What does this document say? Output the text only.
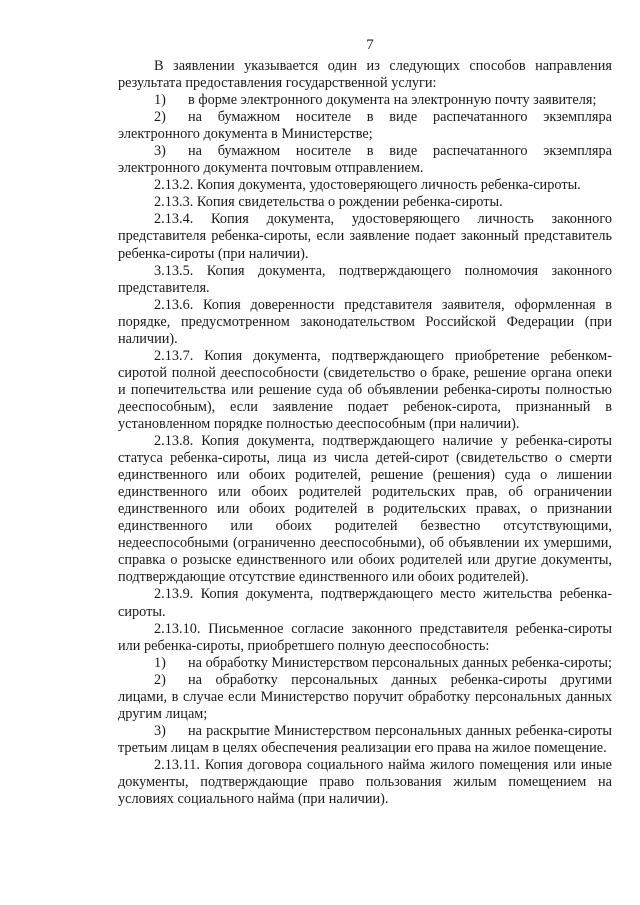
7

В заявлении указывается один из следующих способов направления результата предоставления государственной услуги:

1) в форме электронного документа на электронную почту заявителя;

2) на бумажном носителе в виде распечатанного экземпляра электронного документа в Министерстве;

3) на бумажном носителе в виде распечатанного экземпляра электронного документа почтовым отправлением.

2.13.2. Копия документа, удостоверяющего личность ребенка-сироты.

2.13.3. Копия свидетельства о рождении ребенка-сироты.

2.13.4. Копия документа, удостоверяющего личность законного представителя ребенка-сироты, если заявление подает законный представитель ребенка-сироты (при наличии).

3.13.5. Копия документа, подтверждающего полномочия законного представителя.

2.13.6. Копия доверенности представителя заявителя, оформленная в порядке, предусмотренном законодательством Российской Федерации (при наличии).

2.13.7. Копия документа, подтверждающего приобретение ребенком-сиротой полной дееспособности (свидетельство о браке, решение органа опеки и попечительства или решение суда об объявлении ребенка-сироты полностью дееспособным), если заявление подает ребенок-сирота, признанный в установленном порядке полностью дееспособным (при наличии).

2.13.8. Копия документа, подтверждающего наличие у ребенка-сироты статуса ребенка-сироты, лица из числа детей-сирот (свидетельство о смерти единственного или обоих родителей, решение (решения) суда о лишении единственного или обоих родителей родительских прав, об ограничении единственного или обоих родителей в родительских правах, о признании единственного или обоих родителей безвестно отсутствующими, недееспособными (ограниченно дееспособными), об объявлении их умершими, справка о розыске единственного или обоих родителей или другие документы, подтверждающие отсутствие единственного или обоих родителей).

2.13.9. Копия документа, подтверждающего место жительства ребенка-сироты.

2.13.10. Письменное согласие законного представителя ребенка-сироты или ребенка-сироты, приобретшего полную дееспособность:

1) на обработку Министерством персональных данных ребенка-сироты;

2) на обработку персональных данных ребенка-сироты другими лицами, в случае если Министерство поручит обработку персональных данных другим лицам;

3) на раскрытие Министерством персональных данных ребенка-сироты третьим лицам в целях обеспечения реализации его права на жилое помещение.

2.13.11. Копия договора социального найма жилого помещения или иные документы, подтверждающие право пользования жилым помещением на условиях социального найма (при наличии).
